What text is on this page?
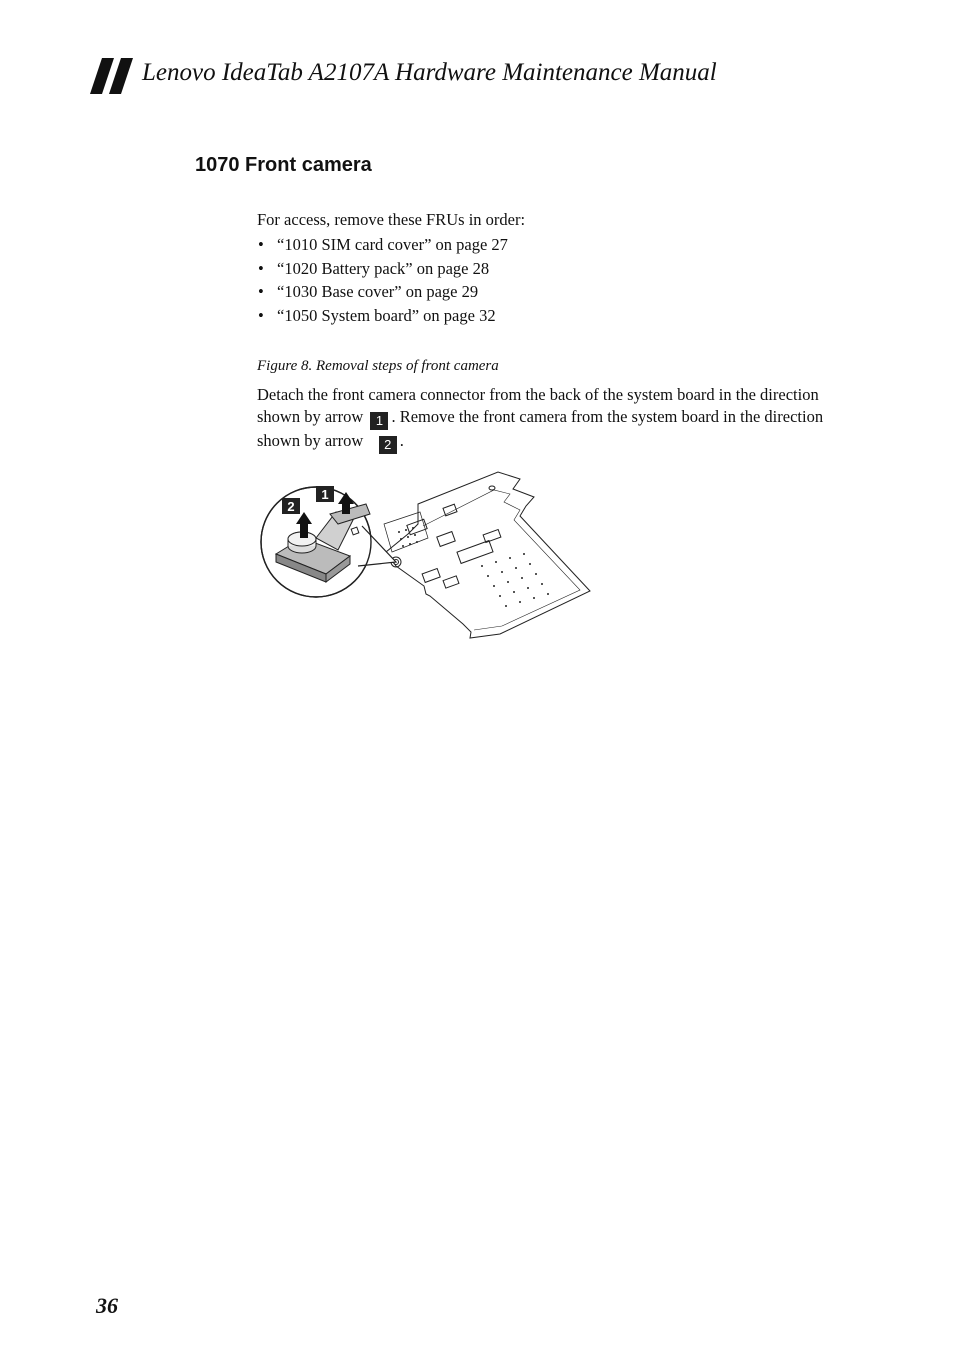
Lenovo IdeaTab A2107A Hardware Maintenance Manual
1070 Front camera

For access, remove these FRUs in order:

• “1010 SIM card cover” on page 27
• “1020 Battery pack” on page 28
• “1030 Base cover” on page 29
• “1050 System board” on page 32

Figure 8. Removal steps of front camera

Detach the front camera connector from the back of the system board in the direction shown by arrow 1 . Remove the front camera from the system board in the direction shown by arrow 2 .

2
1
36
